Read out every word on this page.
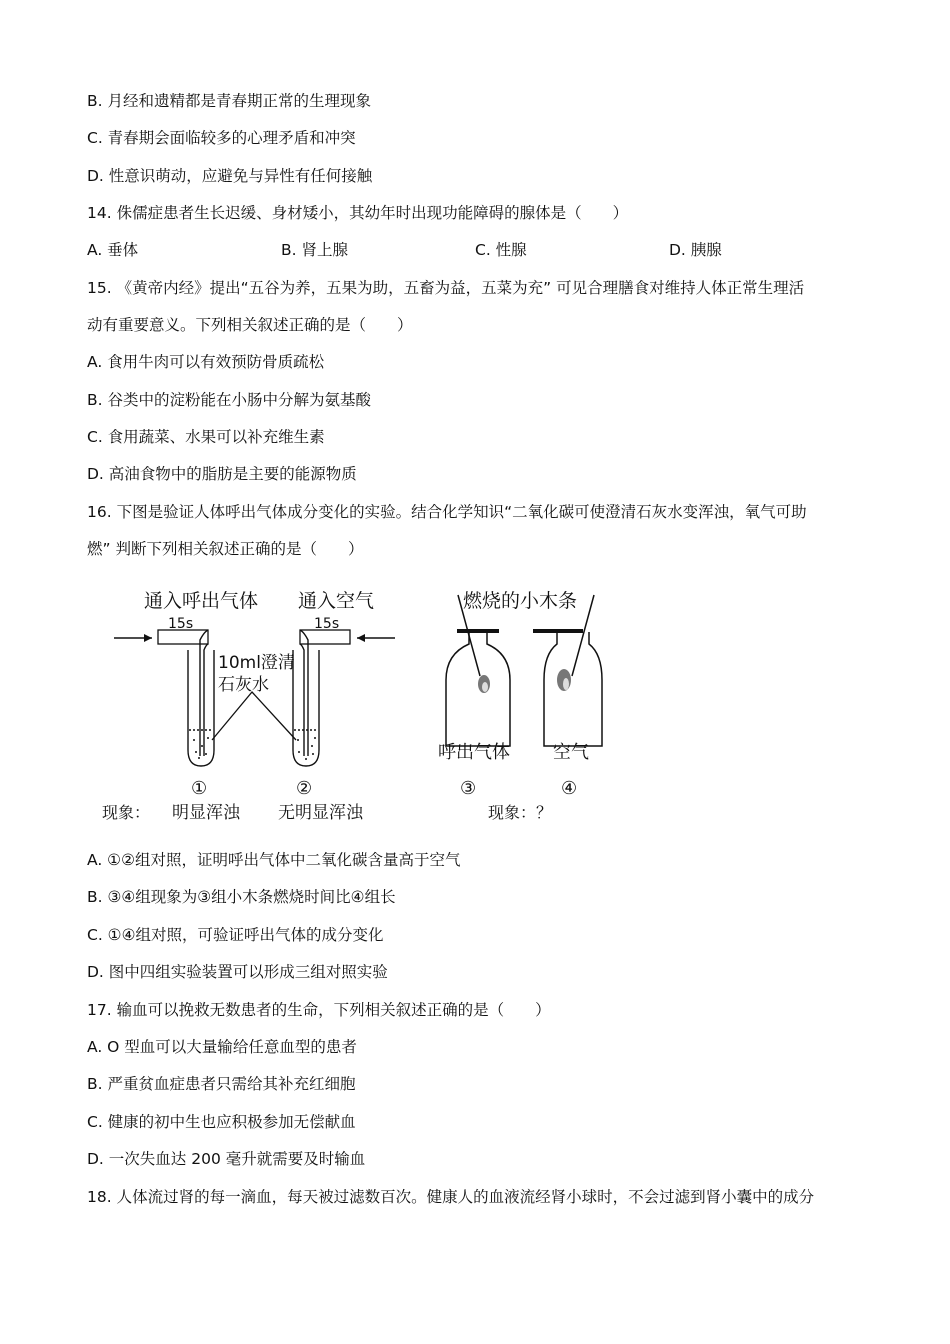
B. 月经和遗精都是青春期正常的生理现象
C. 青春期会面临较多的心理矛盾和冲突
D. 性意识萌动，应避免与异性有任何接触
14. 侏儒症患者生长迟缓、身材矮小，其幼年时出现功能障碍的腺体是（　　）
A. 垂体	B. 肾上腺	C. 性腺	D. 胰腺
15. 《黄帝内经》提出“五谷为养，五果为助，五畜为益，五菜为充” 可见合理膳食对维持人体正常生理活
动有重要意义。下列相关叙述正确的是（　　）
A. 食用牛肉可以有效预防骨质疏松
B. 谷类中的淀粉能在小肠中分解为氨基酸
C. 食用蔬菜、水果可以补充维生素
D. 高油食物中的脂肪是主要的能源物质
16. 下图是验证人体呼出气体成分变化的实验。结合化学知识“二氧化碳可使澄清石灰水变浑浊，氧气可助
燃” 判断下列相关叙述正确的是（　　）
通入呼出气体 通入空气	燃烧的小木条
15s	15s
10ml澄清
石灰水
呼出气体 空气
①	②	③	④
现象： 明显浑浊 无明显浑浊	现象：？
A. ①②组对照，证明呼出气体中二氧化碳含量高于空气
B. ③④组现象为③组小木条燃烧时间比④组长
C. ①④组对照，可验证呼出气体的成分变化
D. 图中四组实验装置可以形成三组对照实验
17. 输血可以挽救无数患者的生命，下列相关叙述正确的是（　　）
A. O 型血可以大量输给任意血型的患者
B. 严重贫血症患者只需给其补充红细胞
C. 健康的初中生也应积极参加无偿献血
D. 一次失血达 200 毫升就需要及时输血
18. 人体流过肾的每一滴血，每天被过滤数百次。健康人的血液流经肾小球时，不会过滤到肾小囊中的成分
